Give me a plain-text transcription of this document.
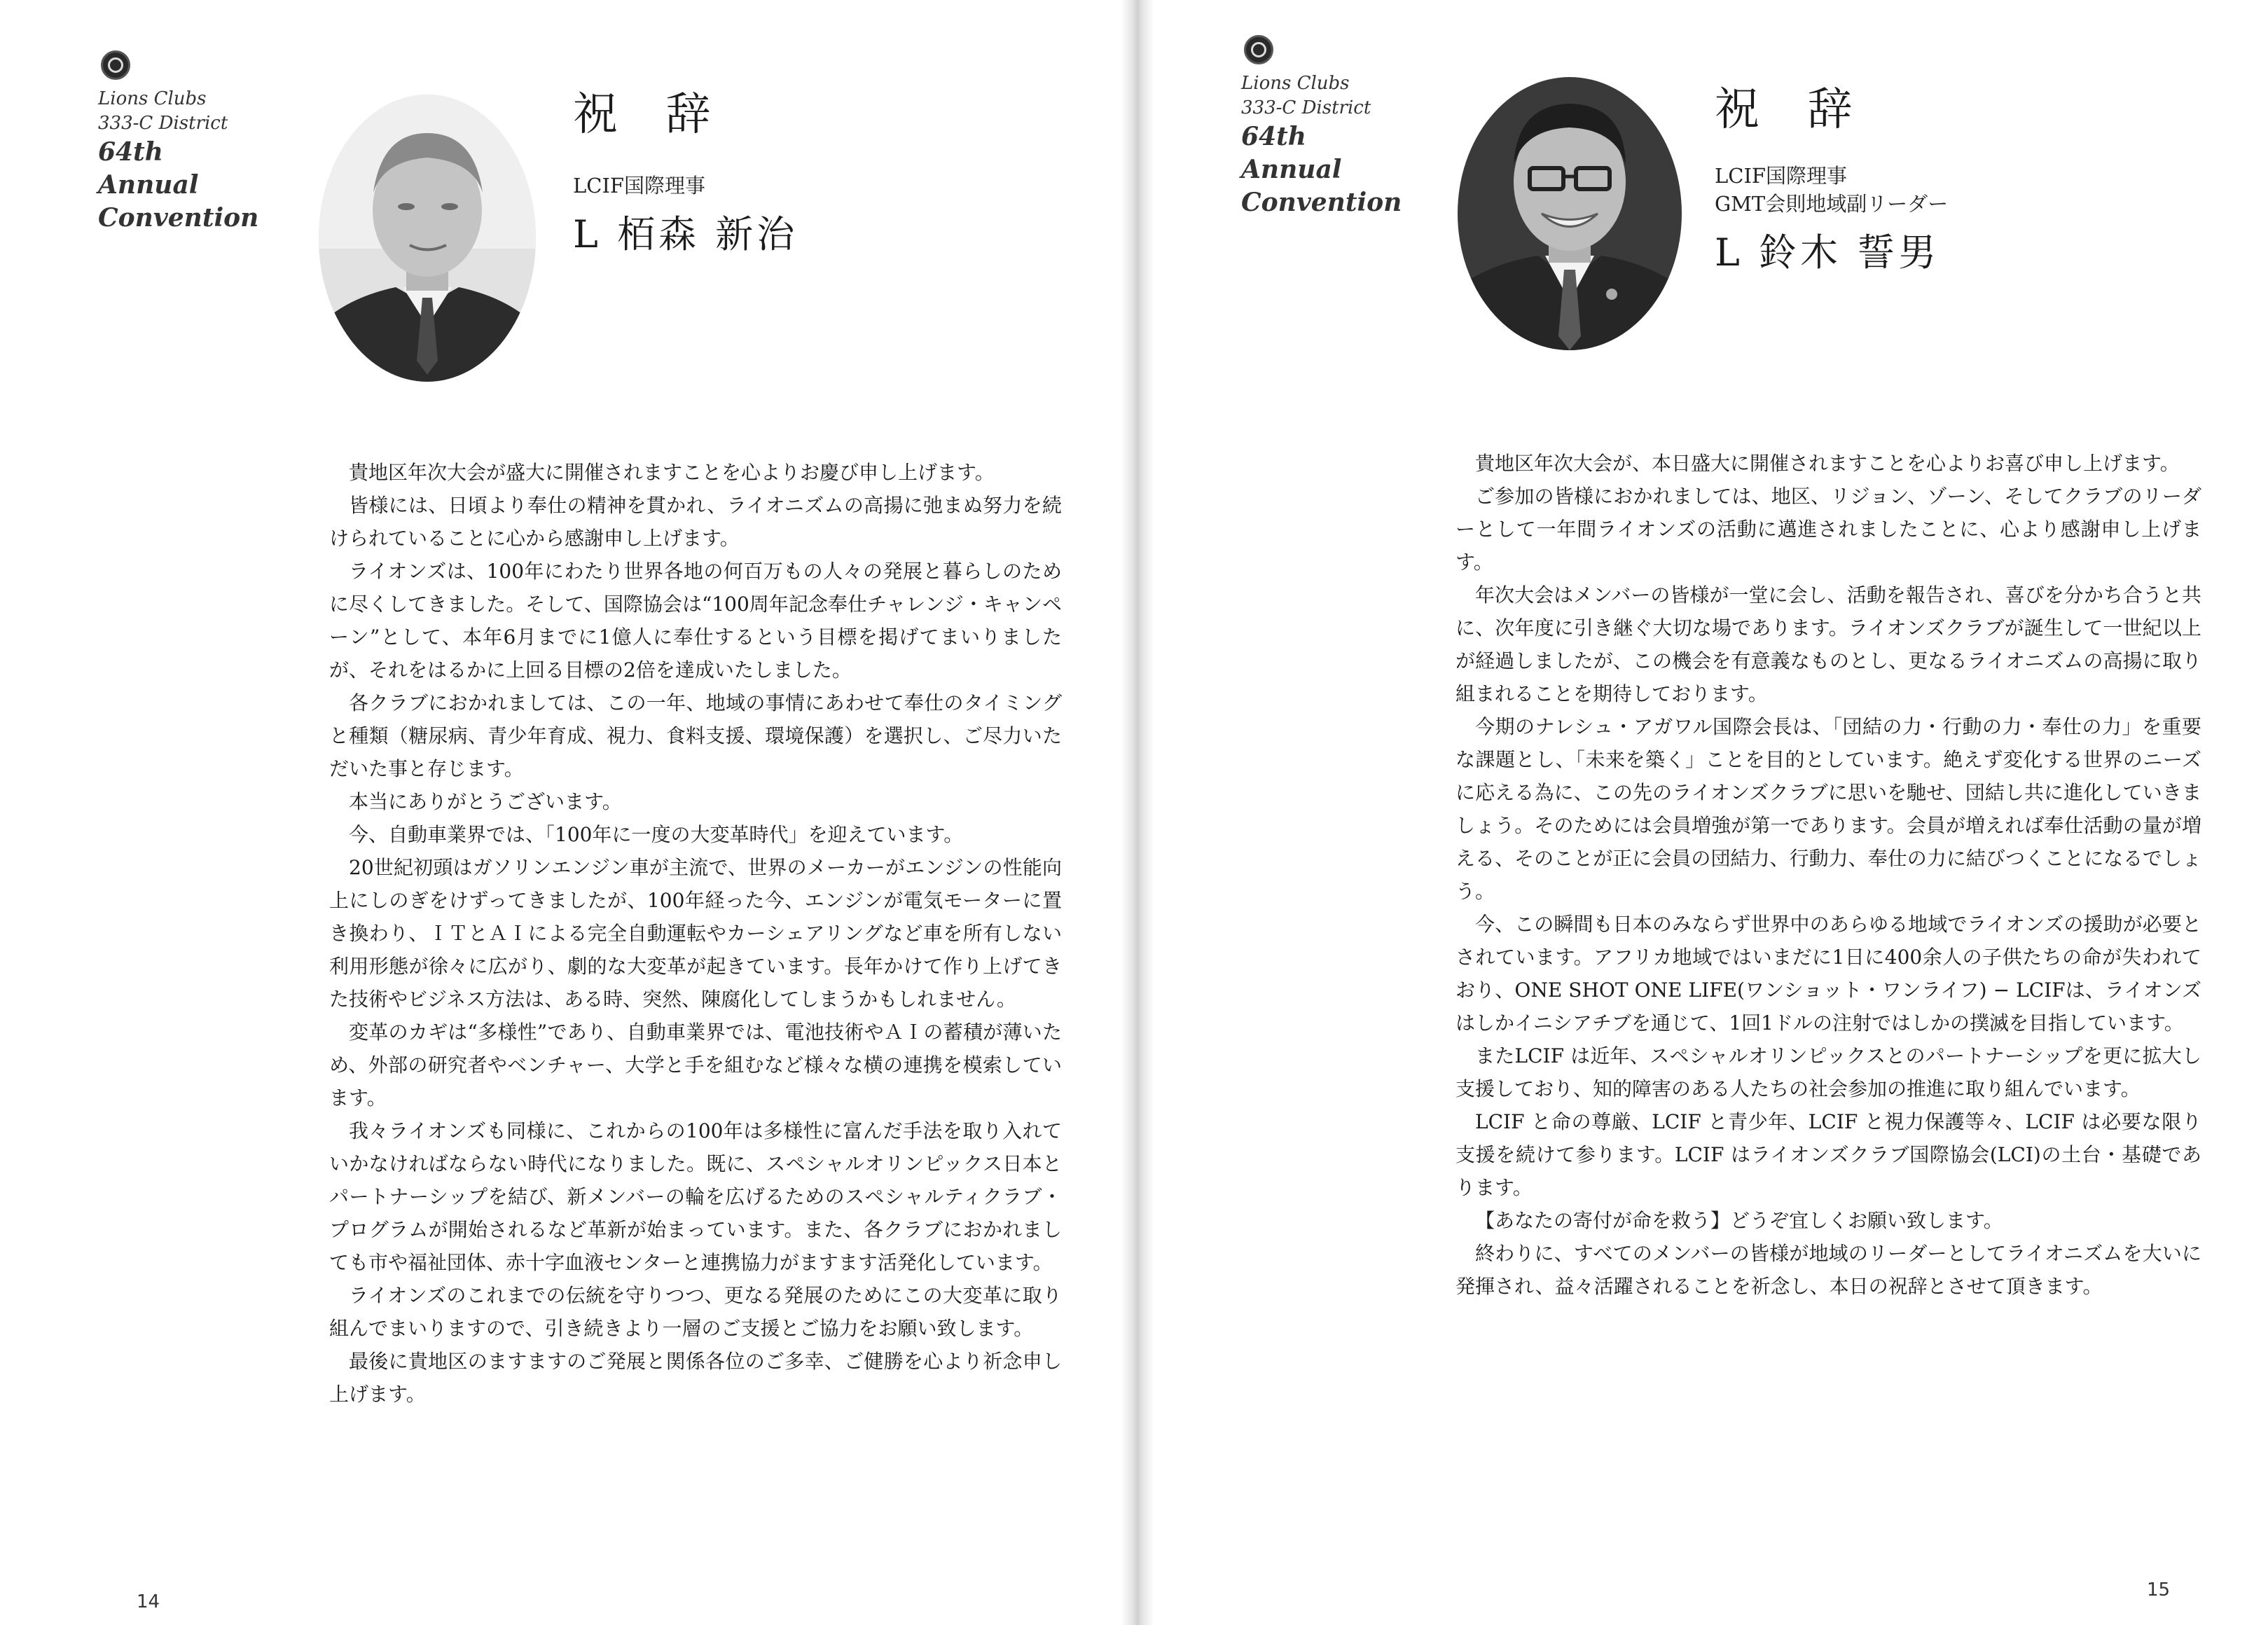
Lions Clubs
333-C District
64th
Annual
Convention
祝 辞
LCIF国際理事
L 栢森 新治

貴地区年次大会が盛大に開催されますことを心よりお慶び申し上げます。

皆様には、日頃より奉仕の精神を貫かれ、ライオニズムの高揚に弛まぬ努力を続けられていることに心から感謝申し上げます。

ライオンズは、100年にわたり世界各地の何百万もの人々の発展と暮らしのために尽くしてきました。そして、国際協会は“100周年記念奉仕チャレンジ・キャンペーン”として、本年6月までに1億人に奉仕するという目標を掲げてまいりましたが、それをはるかに上回る目標の2倍を達成いたしました。

各クラブにおかれましては、この一年、地域の事情にあわせて奉仕のタイミングと種類（糖尿病、青少年育成、視力、食料支援、環境保護）を選択し、ご尽力いただいた事と存じます。

本当にありがとうございます。

今、自動車業界では、「100年に一度の大変革時代」を迎えています。

20世紀初頭はガソリンエンジン車が主流で、世界のメーカーがエンジンの性能向上にしのぎをけずってきましたが、100年経った今、エンジンが電気モーターに置き換わり、ＩＴとＡＩによる完全自動運転やカーシェアリングなど車を所有しない利用形態が徐々に広がり、劇的な大変革が起きています。長年かけて作り上げてきた技術やビジネス方法は、ある時、突然、陳腐化してしまうかもしれません。

変革のカギは“多様性”であり、自動車業界では、電池技術やＡＩの蓄積が薄いため、外部の研究者やベンチャー、大学と手を組むなど様々な横の連携を模索しています。

我々ライオンズも同様に、これからの100年は多様性に富んだ手法を取り入れていかなければならない時代になりました。既に、スペシャルオリンピックス日本とパートナーシップを結び、新メンバーの輪を広げるためのスペシャルティクラブ・プログラムが開始されるなど革新が始まっています。また、各クラブにおかれましても市や福祉団体、赤十字血液センターと連携協力がますます活発化しています。

ライオンズのこれまでの伝統を守りつつ、更なる発展のためにこの大変革に取り組んでまいりますので、引き続きより一層のご支援とご協力をお願い致します。

最後に貴地区のますますのご発展と関係各位のご多幸、ご健勝を心より祈念申し上げます。

14
Lions Clubs
333-C District
64th
Annual
Convention
祝 辞
LCIF国際理事
GMT会則地域副リーダー
L 鈴木 誓男

貴地区年次大会が、本日盛大に開催されますことを心よりお喜び申し上げます。

ご参加の皆様におかれましては、地区、リジョン、ゾーン、そしてクラブのリーダーとして一年間ライオンズの活動に邁進されましたことに、心より感謝申し上げます。

年次大会はメンバーの皆様が一堂に会し、活動を報告され、喜びを分かち合うと共に、次年度に引き継ぐ大切な場であります。ライオンズクラブが誕生して一世紀以上が経過しましたが、この機会を有意義なものとし、更なるライオニズムの高揚に取り組まれることを期待しております。

今期のナレシュ・アガワル国際会長は、「団結の力・行動の力・奉仕の力」を重要な課題とし、「未来を築く」ことを目的としています。絶えず変化する世界のニーズに応える為に、この先のライオンズクラブに思いを馳せ、団結し共に進化していきましょう。そのためには会員増強が第一であります。会員が増えれば奉仕活動の量が増える、そのことが正に会員の団結力、行動力、奉仕の力に結びつくことになるでしょう。

今、この瞬間も日本のみならず世界中のあらゆる地域でライオンズの援助が必要とされています。アフリカ地域ではいまだに1日に400余人の子供たちの命が失われており、ONE SHOT ONE LIFE(ワンショット・ワンライフ) − LCIFは、ライオンズはしかイニシアチブを通じて、1回1ドルの注射ではしかの撲滅を目指しています。

またLCIF は近年、スペシャルオリンピックスとのパートナーシップを更に拡大し支援しており、知的障害のある人たちの社会参加の推進に取り組んでいます。

LCIF と命の尊厳、LCIF と青少年、LCIF と視力保護等々、LCIF は必要な限り支援を続けて参ります。LCIF はライオンズクラブ国際協会(LCI)の土台・基礎であります。

【あなたの寄付が命を救う】どうぞ宜しくお願い致します。

終わりに、すべてのメンバーの皆様が地域のリーダーとしてライオニズムを大いに発揮され、益々活躍されることを祈念し、本日の祝辞とさせて頂きます。

15
